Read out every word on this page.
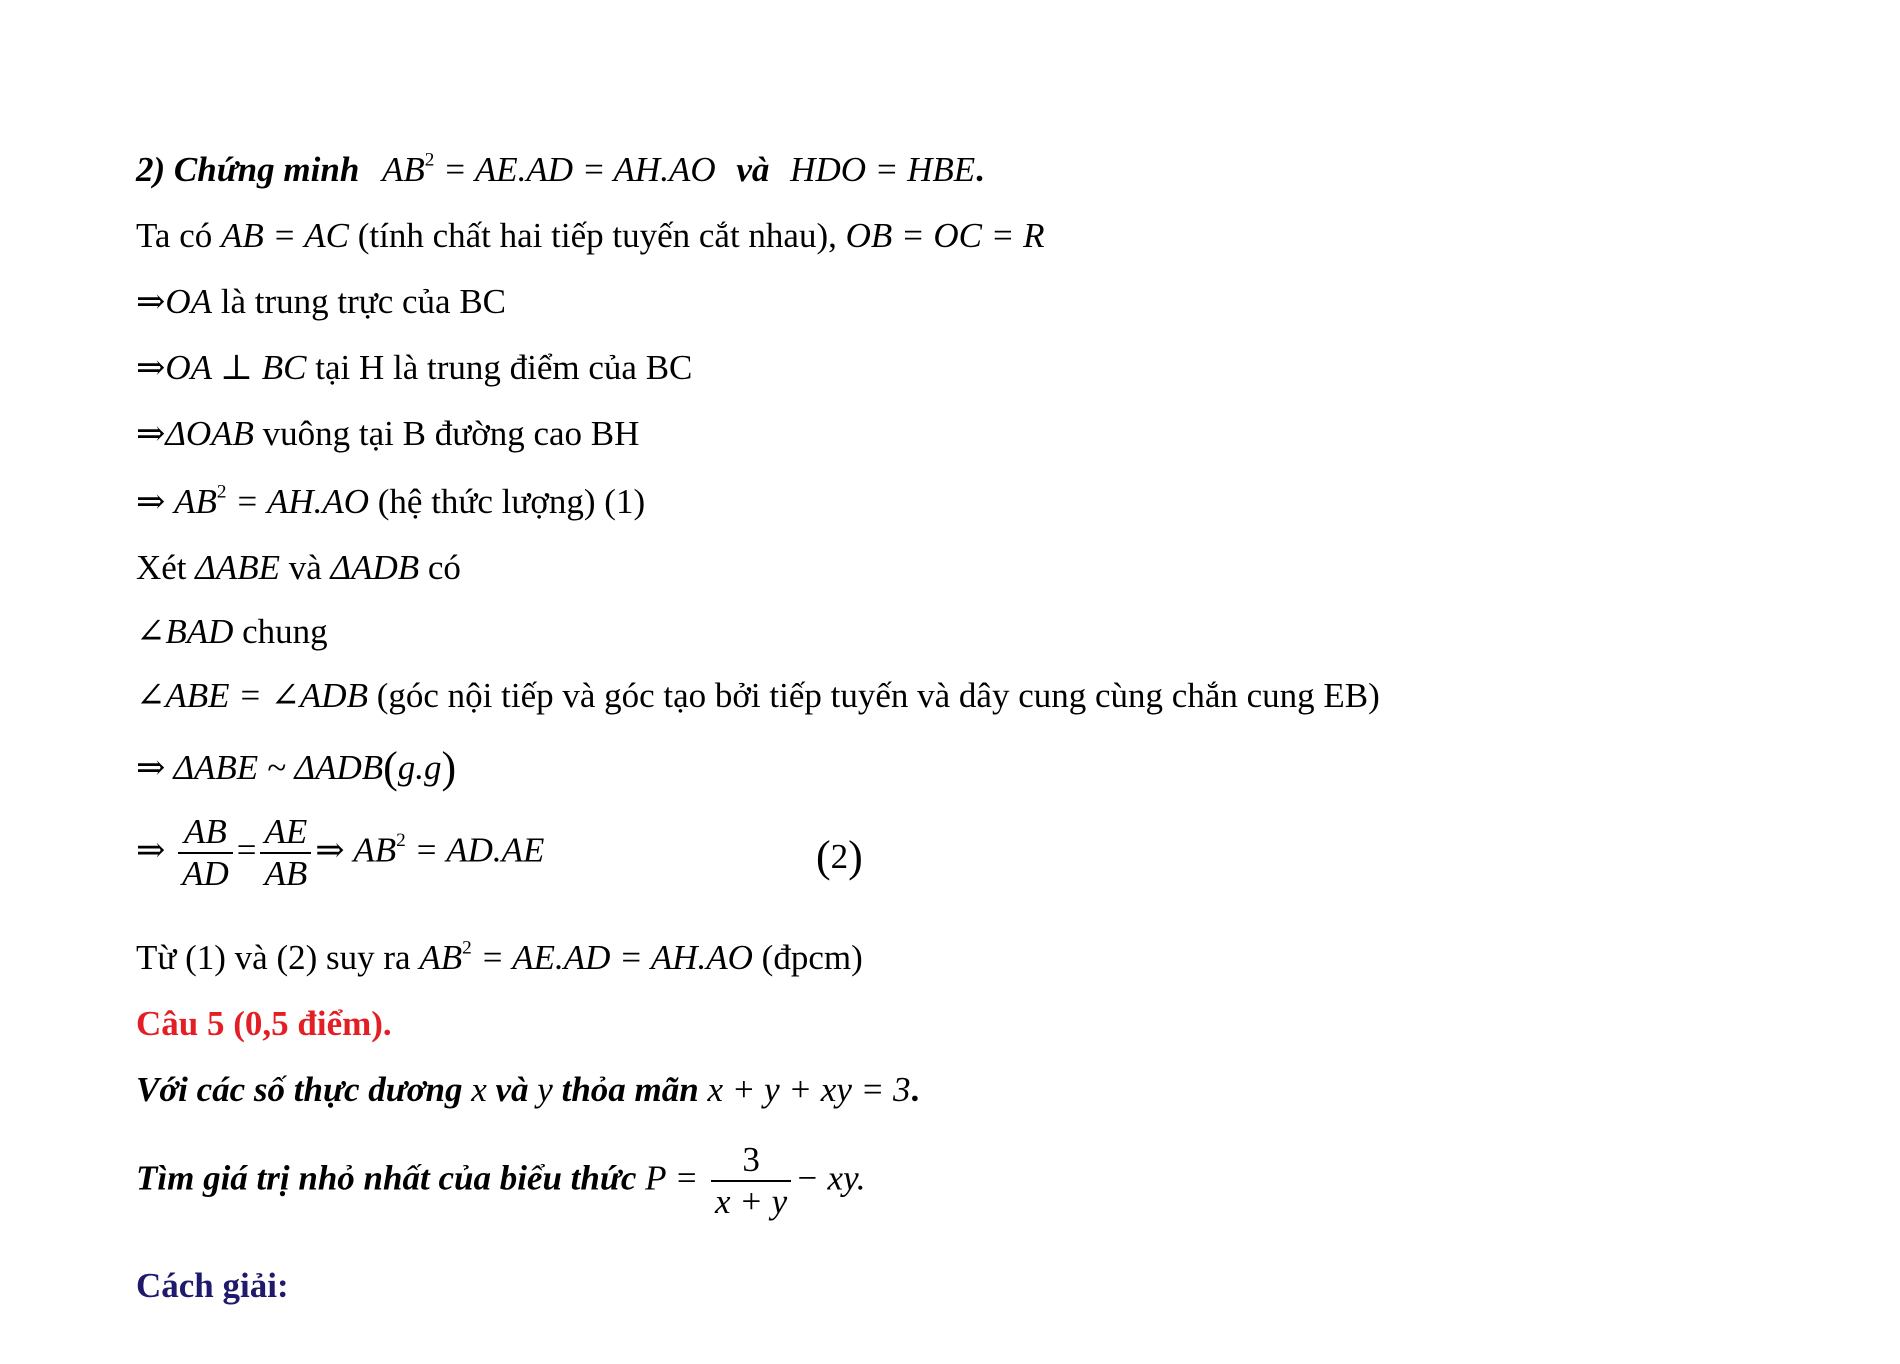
2) Chứng minh $AB^2 = AE.AD = AH.AO$ và HDO = HBE.
Ta có AB = AC (tính chất hai tiếp tuyến cắt nhau), OB = OC = R
⇒OA là trung trực của BC
⇒OA ⊥ BC tại H là trung điểm của BC
⇒ΔOAB vuông tại B đường cao BH
⇒ $AB^2 = AH.AO$ (hệ thức lượng) (1)
Xét ΔABE và ΔADB có
∠BAD chung
∠ABE = ∠ADB (góc nội tiếp và góc tạo bởi tiếp tuyến và dây cung cùng chắn cung EB)
⇒ ΔABE ~ ΔADB(g.g)
⇒ $\frac{AB}{AD} = \frac{AE}{AB}$ ⇒ $AB^2 = AD.AE$	(2)
Từ (1) và (2) suy ra $AB^2 = AE.AD = AH.AO$ (đpcm)
Câu 5 (0,5 điểm).
Với các số thực dương x và y thỏa mãn x + y + xy = 3.
Tìm giá trị nhỏ nhất của biểu thức $P = \frac{3}{x + y}$ − xy.
Cách giải:
